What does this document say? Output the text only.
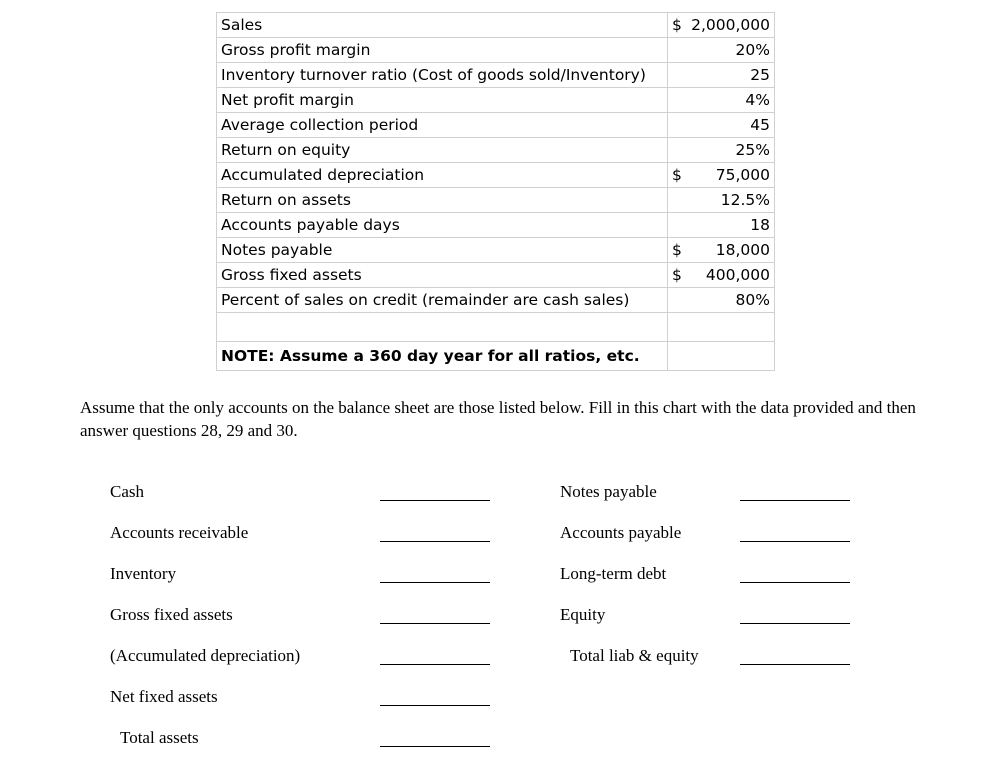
Sales	$ 2,000,000

Gross profit margin	20%
Inventory turnover ratio (Cost of goods sold/Inventory)	25
Net profit margin	4%
Average collection period	45
Return on equity	25%
Accumulated depreciation	$ 75,000

Return on assets	12.5%
Accounts payable days	18
Notes payable	$ 18,000

Gross fixed assets	$ 400,000

Percent of sales on credit (remainder are cash sales)	80%

NOTE: Assume a 360 day year for all ratios, etc.	
Assume that the only accounts on the balance sheet are those listed below. Fill in this chart with the data provided and then answer questions 28, 29 and 30.
Cash
Accounts receivable
Inventory
Gross fixed assets
(Accumulated depreciation)
Net fixed assets
Total assets
Notes payable
Accounts payable
Long-term debt
Equity
Total liab & equity
